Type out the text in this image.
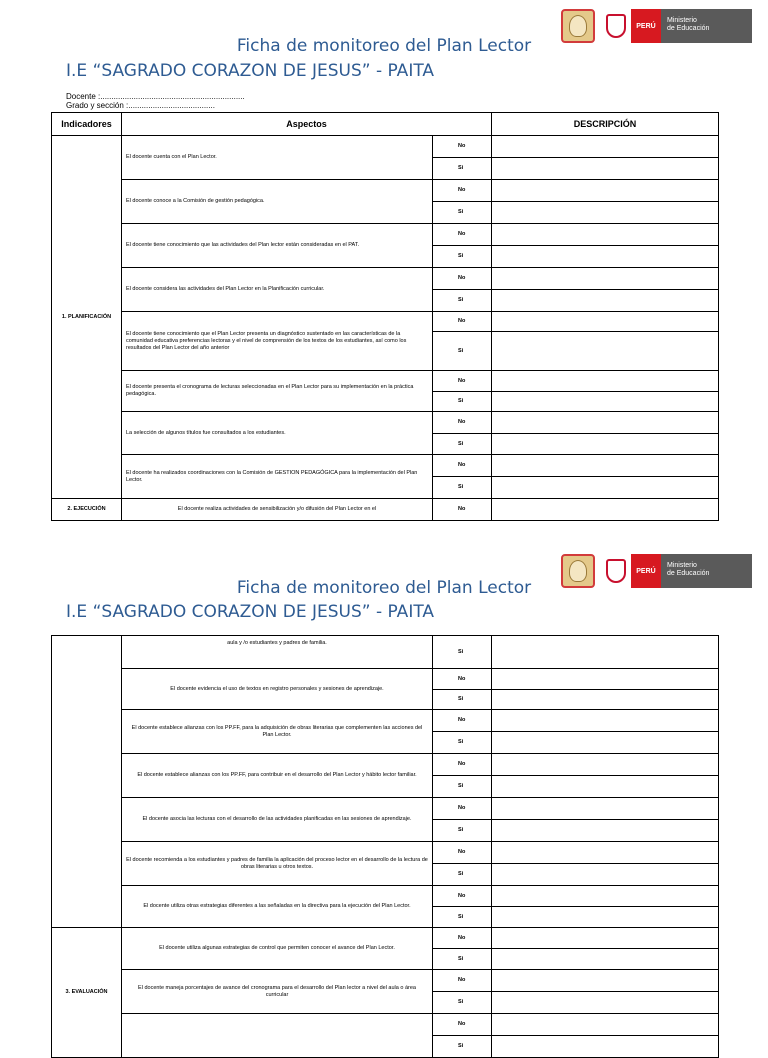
PERÚ
Ministerio
de Educación
Ficha de monitoreo del Plan Lector
I.E “SAGRADO CORAZON DE JESUS” - PAITA
Docente :.................................................................
Grado y sección :.......................................
Indicadores	Aspectos		DESCRIPCIÓN
1. PLANIFICACIÓN	El docente cuenta con el Plan Lector.	No	
		Si	
	El docente conoce a la Comisión de gestión pedagógica.	No	
		Si	
	El docente tiene conocimiento que las actividades del Plan lector están consideradas en el PAT.	No	
		Si	
	El docente considera las actividades del Plan Lector en la Planificación curricular.	No	
		Si	
	El docente tiene conocimiento que el Plan Lector presenta un diagnóstico sustentado en las características de la comunidad educativa preferencias lectoras y el nivel de comprensión de los textos de los estudiantes, así como los resultados del Plan Lector del año anterior	No	
		Si	
	El docente presenta el cronograma de lecturas seleccionadas en el Plan Lector para su implementación en la práctica pedagógica.	No	
		Si	
	La selección de algunos títulos fue consultados a los estudiantes.	No	
		Si	
	El docente ha realizados coordinaciones con la Comisión de GESTION PEDAGÓGICA para la implementación del Plan Lector.	No	
		Si	
2. EJECUCIÓN	El docente realiza actividades de sensibilización y/o difusión del Plan Lector en el	No	
PERÚ
Ministerio
de Educación
Ficha de monitoreo del Plan Lector
I.E “SAGRADO CORAZON DE JESUS” - PAITA
	aula y /o estudiantes y padres de familia.	Si	
	El docente evidencia el uso de textos en registro personales y sesiones de aprendizaje.	No	
		Si	
	El docente establece alianzas con los PP.FF, para la adquisición de obras literarias que complementen las acciones del Plan Lector.	No	
		Si	
	El docente establece alianzas con los PP.FF, para contribuir en el desarrollo del Plan Lector y hábito lector familiar.	No	
		Si	
	El docente asocia las lecturas con el desarrollo de las actividades planificadas en las sesiones de aprendizaje.	No	
		Si	
	El docente recomienda a los estudiantes y padres de familia la aplicación del proceso lector en el desarrollo de la lectura de obras literarias u otros textos.	No	
		Si	
	El docente utiliza otras estrategias diferentes a las señaladas en la directiva para la ejecución del Plan Lector.	No	
		Si	
3. EVALUACIÓN	El docente utiliza algunas estrategias de control que permiten conocer el avance del Plan Lector.	No	
		Si	
	El docente maneja porcentajes de avance del cronograma para el desarrollo del Plan lector a nivel del aula o área curricular	No	
		Si	
		No	
		Si	
